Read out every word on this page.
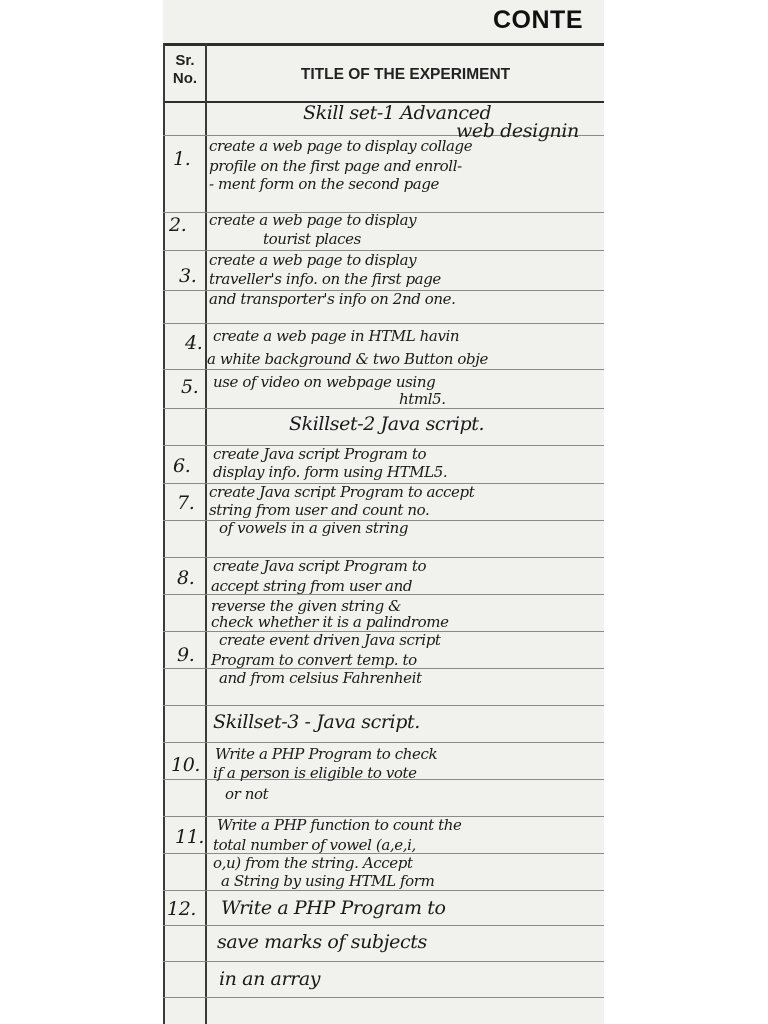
CONTE
Sr.
No.	TITLE OF THE EXPERIMENT
Skill set-1 Advanced
web designin
1.
create a web page to display collage
profile on the first page and enroll-
- ment form on the second page
2. create a web page to display
tourist places
3.
create a web page to display
traveller's info. on the first page
and transporter's info on 2nd one.
4. create a web page in HTML havin
a white background & two Button obje
5. use of video on webpage using
html5.
Skillset-2 Java script.
6.
create Java script Program to
display info. form using HTML5.
7. create Java script Program to accept
string from user and count no.
of vowels in a given string
8.
create Java script Program to
accept string from user and
reverse the given string &
check whether it is a palindrome
9.
create event driven Java script
Program to convert temp. to
and from celsius Fahrenheit
Skillset-3 - Java script.
10. Write a PHP Program to check
if a person is eligible to vote
or not
11.
Write a PHP function to count the
total number of vowel (a,e,i,
o,u) from the string. Accept
a String by using HTML form
12. Write a PHP Program to
save marks of subjects
in an array
